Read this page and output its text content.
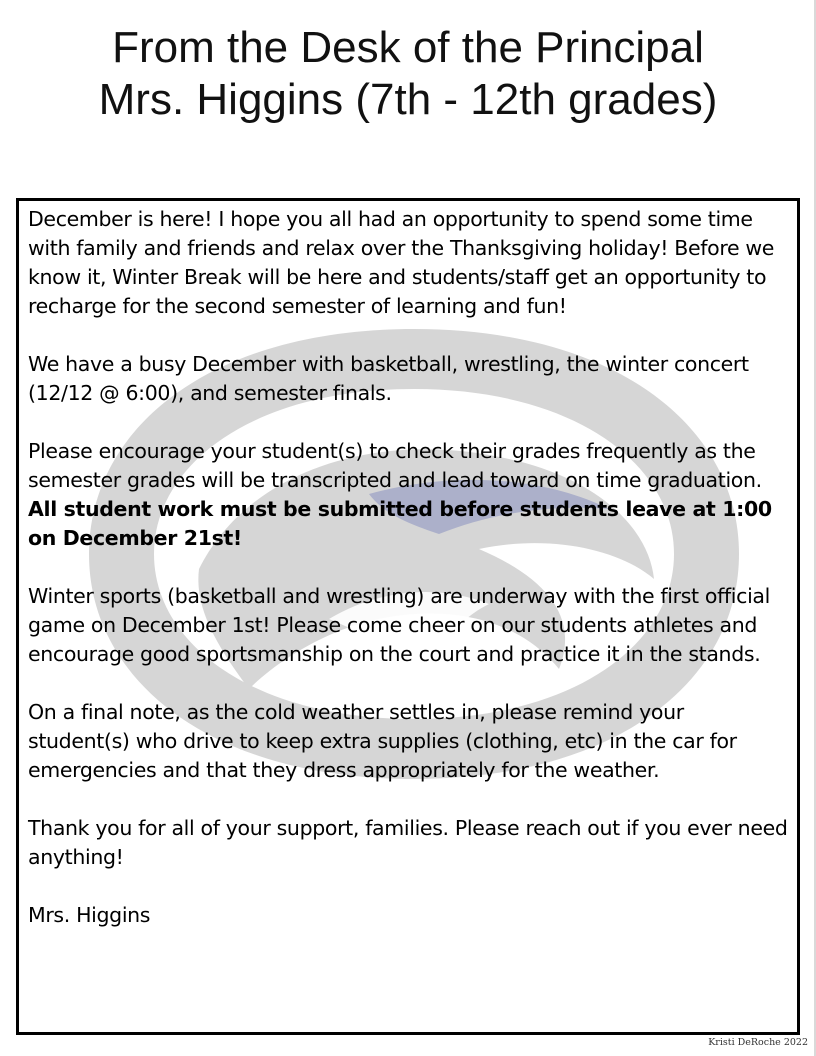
From the Desk of the Principal
Mrs. Higgins (7th - 12th grades)

December is here! I hope you all had an opportunity to spend some time with family and friends and relax over the Thanksgiving holiday! Before we know it, Winter Break will be here and students/staff get an opportunity to recharge for the second semester of learning and fun!

We have a busy December with basketball, wrestling, the winter concert (12/12 @ 6:00), and semester finals.

Please encourage your student(s) to check their grades frequently as the semester grades will be transcripted and lead toward on time graduation. All student work must be submitted before students leave at 1:00 on December 21st!

Winter sports (basketball and wrestling) are underway with the first official game on December 1st! Please come cheer on our students athletes and encourage good sportsmanship on the court and practice it in the stands.

On a final note, as the cold weather settles in, please remind your student(s) who drive to keep extra supplies (clothing, etc) in the car for emergencies and that they dress appropriately for the weather.

Thank you for all of your support, families. Please reach out if you ever need anything!

Mrs. Higgins

Kristi DeRoche 2022
